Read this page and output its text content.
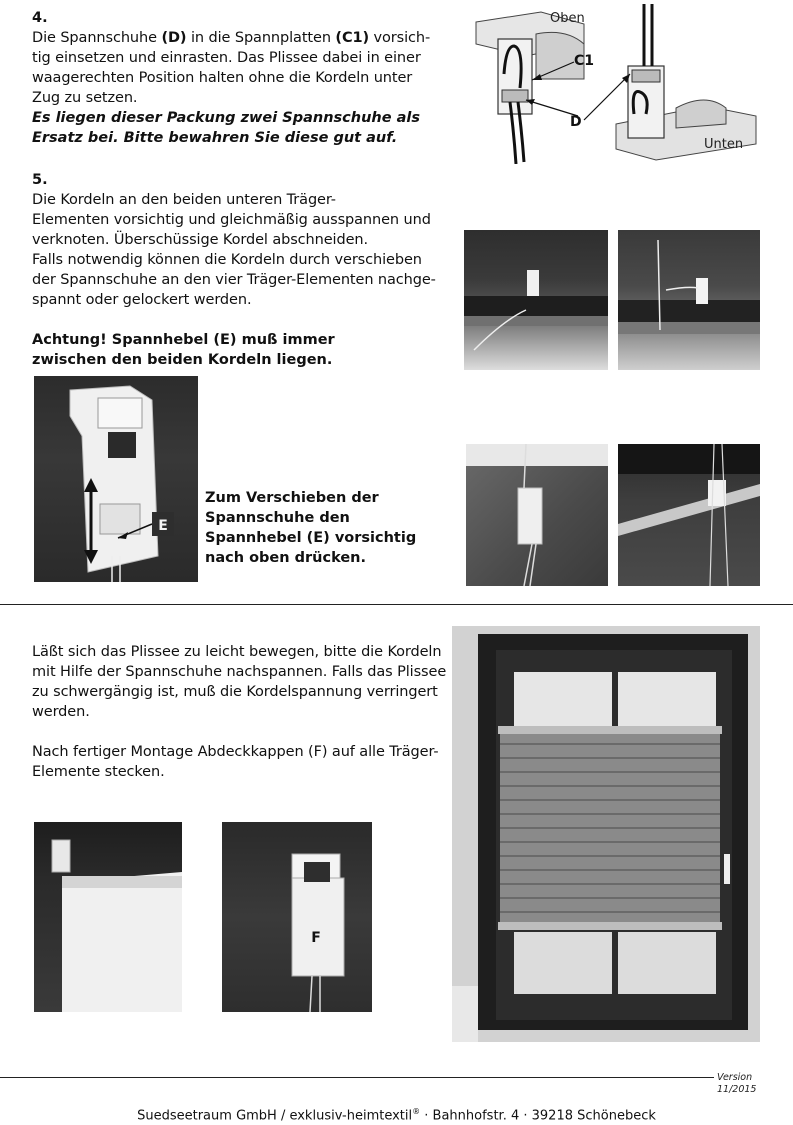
4.
Die Spannschuhe (D) in die Spannplatten (C1) vorsich-
tig einsetzen und einrasten. Das Plissee dabei in einer
waagerechten Position halten ohne die Kordeln unter
Zug zu setzen.
Es liegen dieser Packung zwei Spannschuhe als
Ersatz bei. Bitte bewahren Sie diese gut auf.
Oben
Unten
C1
D
5.
Die Kordeln an den beiden unteren Träger-
Elementen vorsichtig und gleichmäßig ausspannen und
verknoten. Überschüssige Kordel abschneiden.
Falls notwendig können die Kordeln durch verschieben
der Spannschuhe an den vier Träger-Elementen nachge-
spannt oder gelockert werden.
Achtung! Spannhebel (E) muß immer
zwischen den beiden Kordeln liegen.
E
Zum Verschieben der
Spannschuhe den
Spannhebel (E) vorsichtig
nach oben drücken.
Läßt sich das Plissee zu leicht bewegen, bitte die Kordeln
mit Hilfe der Spannschuhe nachspannen. Falls das Plissee
zu schwergängig ist, muß die Kordelspannung verringert
werden.
Nach fertiger Montage Abdeckkappen (F) auf alle Träger-
Elemente stecken.
F
Version 11/2015
Suedseetraum GmbH / exklusiv-heimtextil® · Bahnhofstr. 4 · 39218 Schönebeck
